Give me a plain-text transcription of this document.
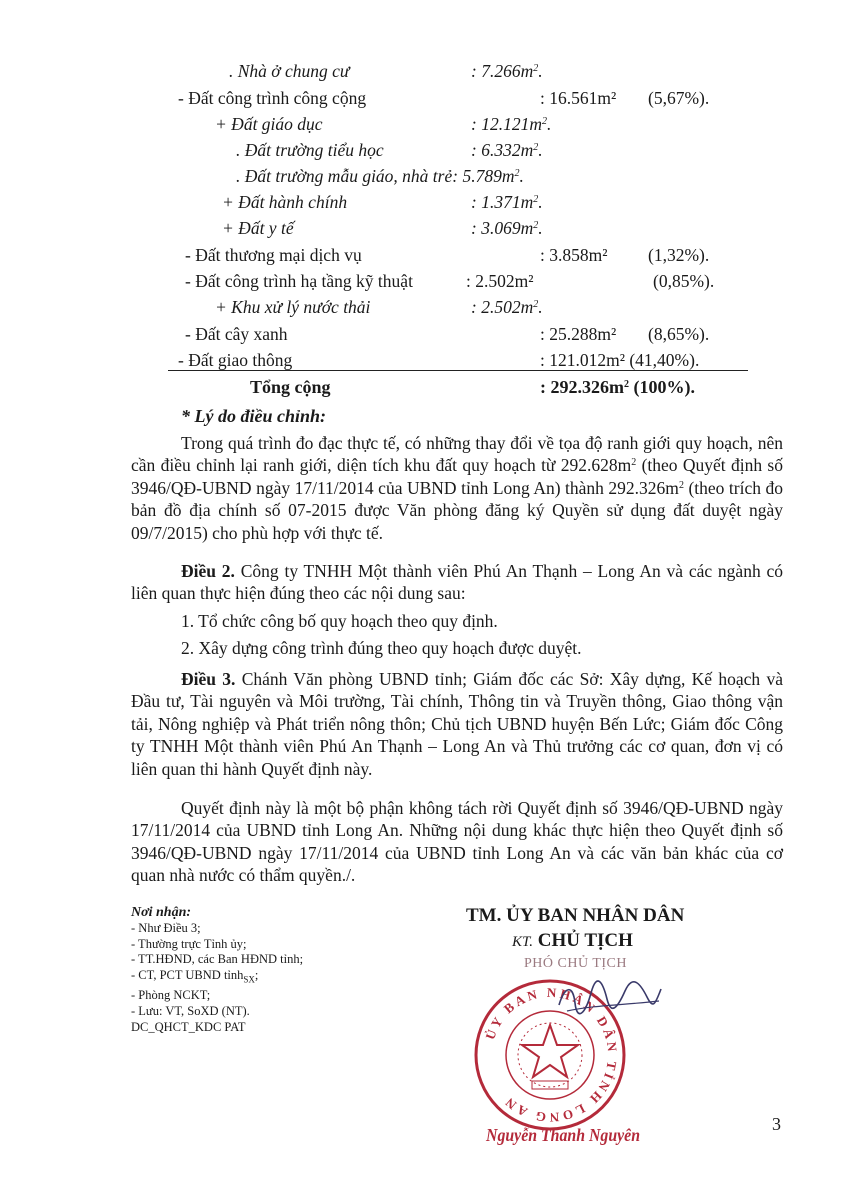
. Nhà ở chung cư	: $7.266m^2$.
- Đất công trình công cộng	: 16.561m² (5,67%).
+ Đất giáo dục	: $12.121m^2$.
. Đất trường tiểu học	: $6.332m^2$.
. Đất trường mẫu giáo, nhà trẻ: $5.789m^2$.
+ Đất hành chính	: $1.371m^2$.
+ Đất y tế	: $3.069m^2$.
- Đất thương mại dịch vụ	: 3.858m² (1,32%).
- Đất công trình hạ tầng kỹ thuật	: 2.502m²	(0,85%).
+ Khu xử lý nước thải	: $2.502m^2$.
- Đất cây xanh	: 25.288m² (8,65%).
- Đất giao thông	: 121.012m² (41,40%).
Tổng cộng	: $292.326m^2$ (100%).
* Lý do điều chỉnh:

Trong quá trình đo đạc thực tế, có những thay đổi về tọa độ ranh giới quy hoạch, nên cần điều chỉnh lại ranh giới, diện tích khu đất quy hoạch từ $292.628m^2$ (theo Quyết định số 3946/QĐ-UBND ngày 17/11/2014 của UBND tỉnh Long An) thành $292.326m^2$ (theo trích đo bản đồ địa chính số 07-2015 được Văn phòng đăng ký Quyền sử dụng đất duyệt ngày 09/7/2015) cho phù hợp với thực tế.

Điều 2. Công ty TNHH Một thành viên Phú An Thạnh – Long An và các ngành có liên quan thực hiện đúng theo các nội dung sau:

1. Tổ chức công bố quy hoạch theo quy định.

2. Xây dựng công trình đúng theo quy hoạch được duyệt.

Điều 3. Chánh Văn phòng UBND tỉnh; Giám đốc các Sở: Xây dựng, Kế hoạch và Đầu tư, Tài nguyên và Môi trường, Tài chính, Thông tin và Truyền thông, Giao thông vận tải, Nông nghiệp và Phát triển nông thôn; Chủ tịch UBND huyện Bến Lức; Giám đốc Công ty TNHH Một thành viên Phú An Thạnh – Long An và Thủ trưởng các cơ quan, đơn vị có liên quan thi hành Quyết định này.

Quyết định này là một bộ phận không tách rời Quyết định số 3946/QĐ-UBND ngày 17/11/2014 của UBND tỉnh Long An. Những nội dung khác thực hiện theo Quyết định số 3946/QĐ-UBND ngày 17/11/2014 của UBND tỉnh Long An và các văn bản khác của cơ quan nhà nước có thẩm quyền./.

Nơi nhận:
- Như Điều 3;
- Thường trực Tỉnh ủy;
- TT.HĐND, các Ban HĐND tỉnh;
- CT, PCT UBND tỉnh$_{SX}$;
- Phòng NCKT;
- Lưu: VT, SoXD (NT).
DC_QHCT_KDC PAT
TM. ỦY BAN NHÂN DÂN
KT. CHỦ TỊCH
PHÓ CHỦ TỊCH
ỦY BAN NHÂN DÂN TỈNH LONG AN
Nguyễn Thanh Nguyên
3
